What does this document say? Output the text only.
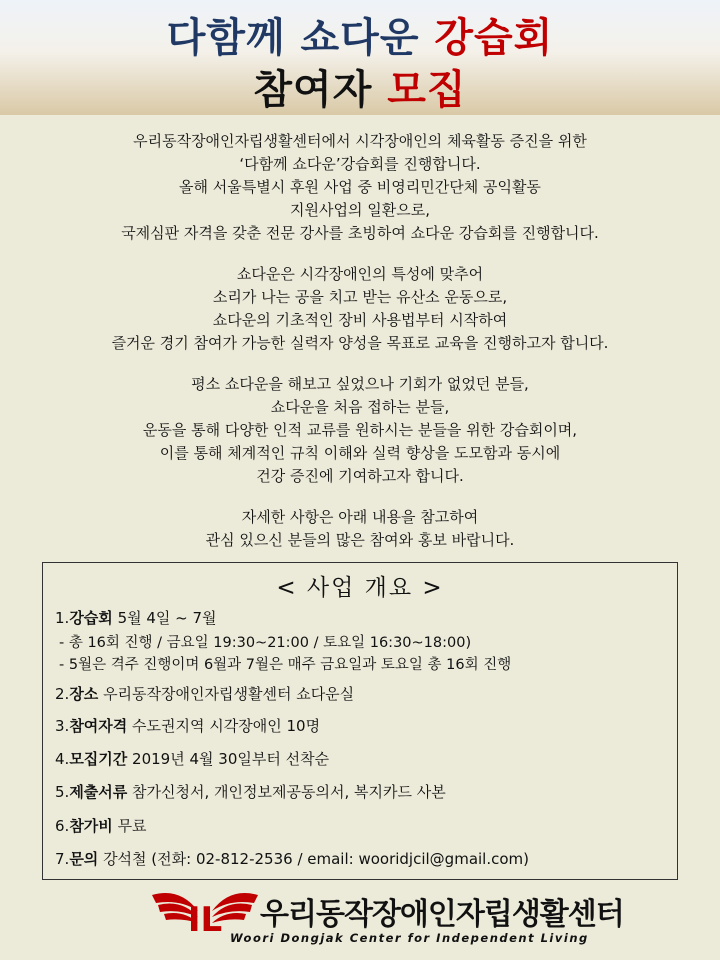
다함께 쇼다운 강습회
참여자 모집
우리동작장애인자립생활센터에서 시각장애인의 체육활동 증진을 위한
‘다함께 쇼다운’강습회를 진행합니다.
올해 서울특별시 후원 사업 중 비영리민간단체 공익활동
지원사업의 일환으로,
국제심판 자격을 갖춘 전문 강사를 초빙하여 쇼다운 강습회를 진행합니다.
쇼다운은 시각장애인의 특성에 맞추어
소리가 나는 공을 치고 받는 유산소 운동으로,
쇼다운의 기초적인 장비 사용법부터 시작하여
즐거운 경기 참여가 가능한 실력자 양성을 목표로 교육을 진행하고자 합니다.
평소 쇼다운을 해보고 싶었으나 기회가 없었던 분들,
쇼다운을 처음 접하는 분들,
운동을 통해 다양한 인적 교류를 원하시는 분들을 위한 강습회이며,
이를 통해 체계적인 규칙 이해와 실력 향상을 도모함과 동시에
건강 증진에 기여하고자 합니다.
자세한 사항은 아래 내용을 참고하여
관심 있으신 분들의 많은 참여와 홍보 바랍니다.
< 사업 개요 >
1.강습회 5월 4일 ~ 7월
- 총 16회 진행 / 금요일 19:30~21:00 / 토요일 16:30~18:00)
- 5월은 격주 진행이며 6월과 7월은 매주 금요일과 토요일 총 16회 진행
2.장소 우리동작장애인자립생활센터 쇼다운실
3.참여자격 수도권지역 시각장애인 10명
4.모집기간 2019년 4월 30일부터 선착순
5.제출서류 참가신청서, 개인정보제공동의서, 복지카드 사본
6.참가비 무료
7.문의 강석철 (전화: 02-812-2536 / email: wooridjcil@gmail.com)
IL 우리동작장애인자립생활센터
Woori Dongjak Center for Independent Living
